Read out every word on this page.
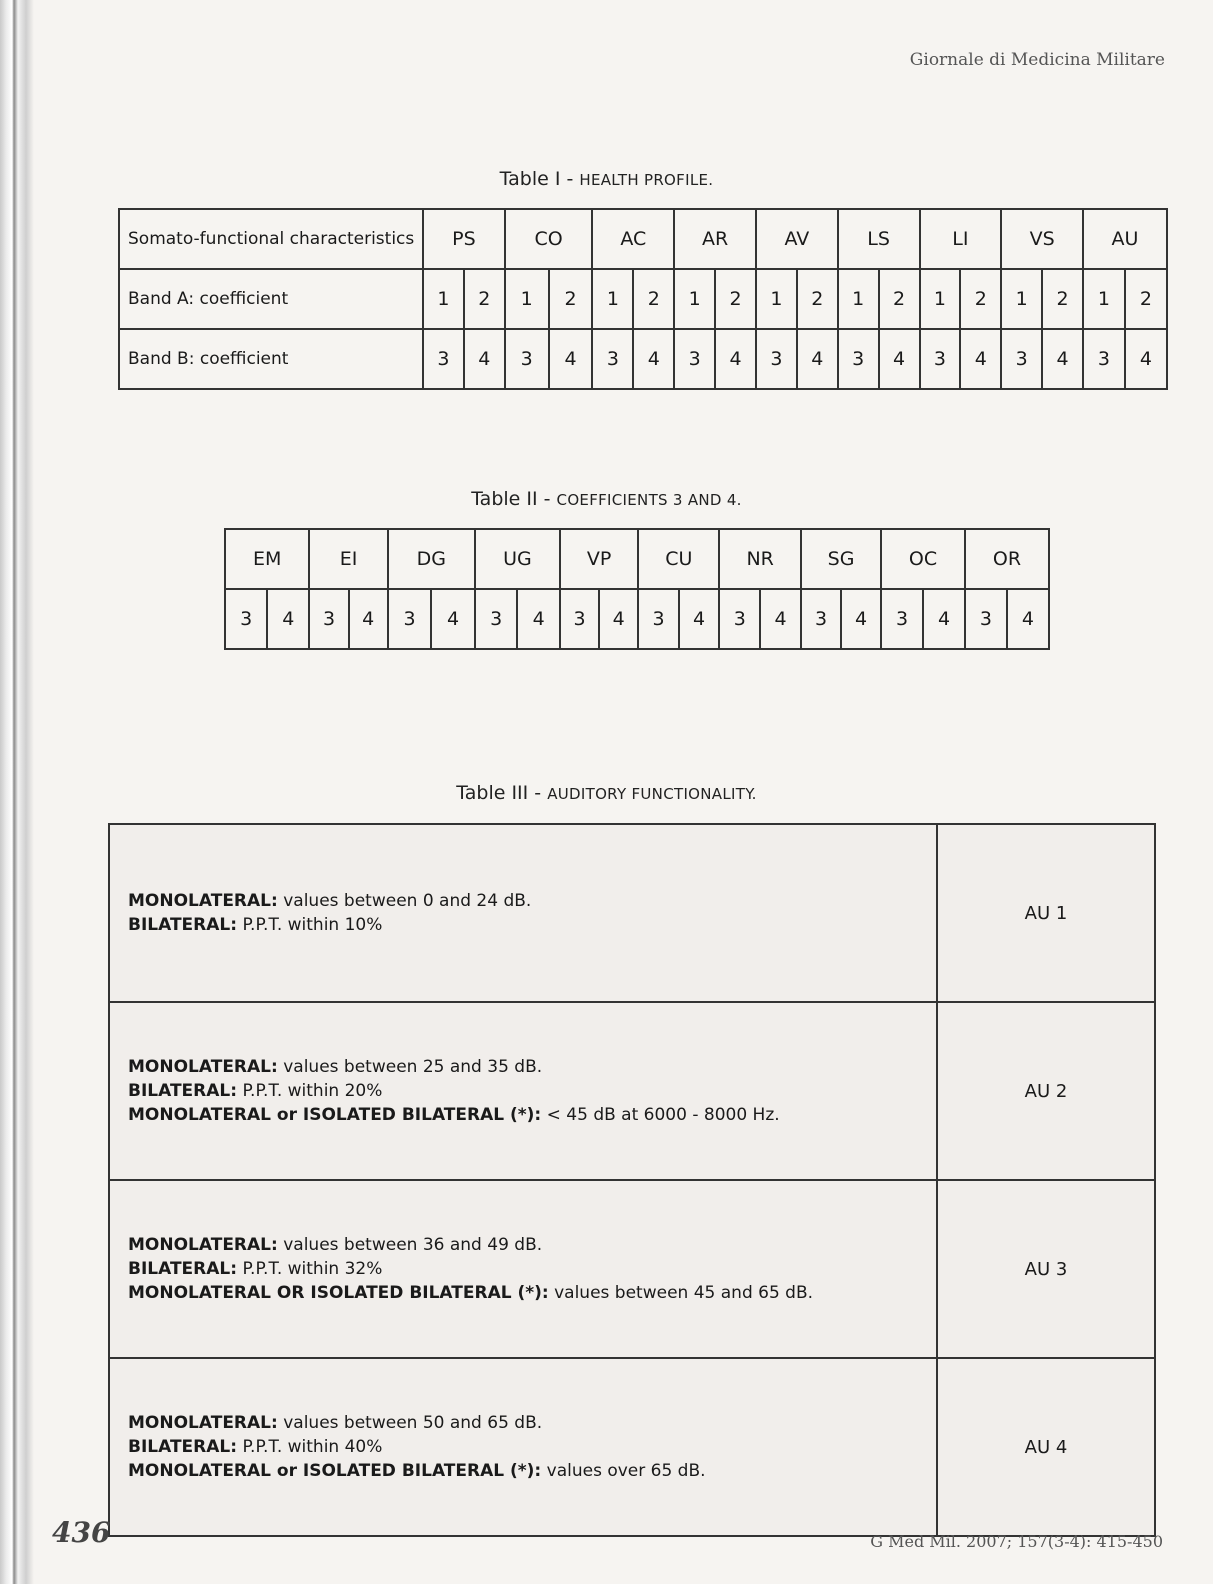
Giornale di Medicina Militare
Table I - HEALTH PROFILE.
Somato-functional characteristics	PS		CO		AC		AR		AV		LS		LI		VS		AU	
Band A: coefficient	1	2	1	2	1	2	1	2	1	2	1	2	1	2	1	2	1	2
Band B: coefficient	3	4	3	4	3	4	3	4	3	4	3	4	3	4	3	4	3	4
Table II - COEFFICIENTS 3 AND 4.
EM		EI		DG		UG		VP		CU		NR		SG		OC		OR	
3	4	3	4	3	4	3	4	3	4	3	4	3	4	3	4	3	4	3	4
Table III - AUDITORY FUNCTIONALITY.
MONOLATERAL: values between 0 and 24 dB.
BILATERAL: P.P.T. within 10%	AU 1

MONOLATERAL: values between 25 and 35 dB.
BILATERAL: P.P.T. within 20%
MONOLATERAL or ISOLATED BILATERAL (*): < 45 dB at 6000 - 8000 Hz.	AU 2

MONOLATERAL: values between 36 and 49 dB.
BILATERAL: P.P.T. within 32%
MONOLATERAL OR ISOLATED BILATERAL (*): values between 45 and 65 dB.	AU 3

MONOLATERAL: values between 50 and 65 dB.
BILATERAL: P.P.T. within 40%
MONOLATERAL or ISOLATED BILATERAL (*): values over 65 dB.	AU 4
436	G Med Mil. 2007; 157(3-4): 415-450
